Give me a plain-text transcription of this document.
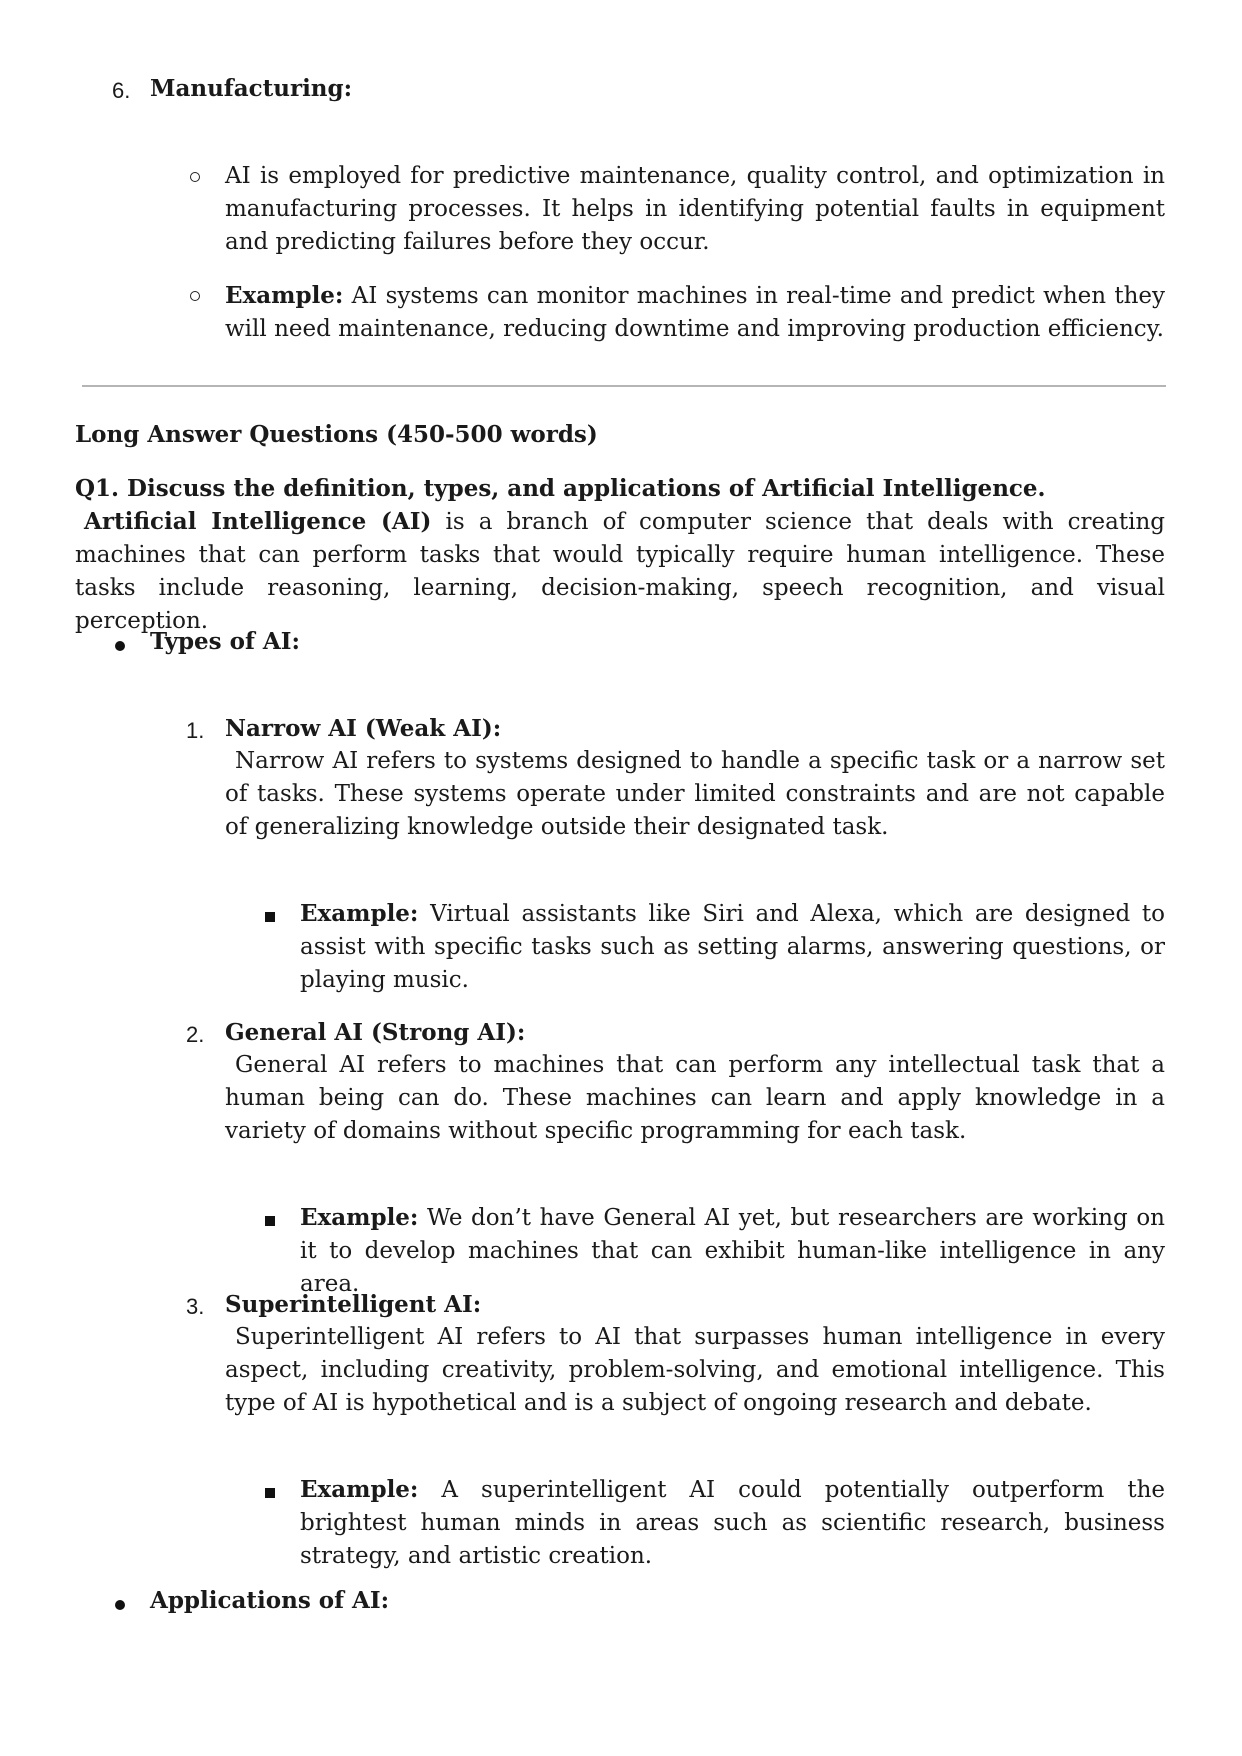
6. Manufacturing:

AI is employed for predictive maintenance, quality control, and optimization in manufacturing processes. It helps in identifying potential faults in equipment and predicting failures before they occur.

Example: AI systems can monitor machines in real-time and predict when they will need maintenance, reducing downtime and improving production efficiency.

Long Answer Questions (450-500 words)

Q1. Discuss the definition, types, and applications of Artificial Intelligence.

Artificial Intelligence (AI) is a branch of computer science that deals with creating machines that can perform tasks that would typically require human intelligence. These tasks include reasoning, learning, decision-making, speech recognition, and visual perception.

Types of AI:

1. Narrow AI (Weak AI):

Narrow AI refers to systems designed to handle a specific task or a narrow set of tasks. These systems operate under limited constraints and are not capable of generalizing knowledge outside their designated task.

Example: Virtual assistants like Siri and Alexa, which are designed to assist with specific tasks such as setting alarms, answering questions, or playing music.

2. General AI (Strong AI):

General AI refers to machines that can perform any intellectual task that a human being can do. These machines can learn and apply knowledge in a variety of domains without specific programming for each task.

Example: We don’t have General AI yet, but researchers are working on it to develop machines that can exhibit human-like intelligence in any area.

3. Superintelligent AI:

Superintelligent AI refers to AI that surpasses human intelligence in every aspect, including creativity, problem-solving, and emotional intelligence. This type of AI is hypothetical and is a subject of ongoing research and debate.

Example: A superintelligent AI could potentially outperform the brightest human minds in areas such as scientific research, business strategy, and artistic creation.

Applications of AI:
